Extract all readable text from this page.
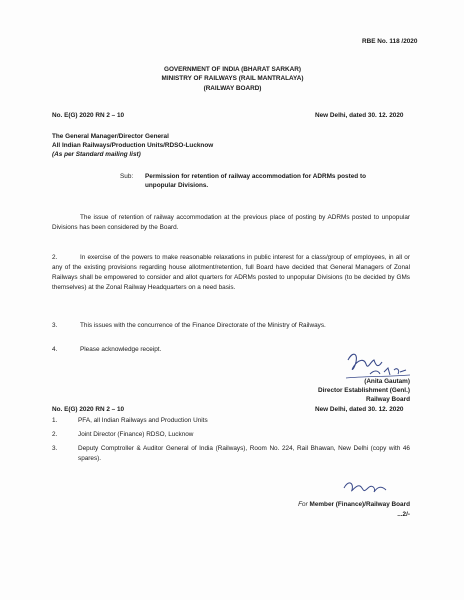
RBE No. 118 /2020
GOVERNMENT OF INDIA (BHARAT SARKAR)
MINISTRY OF RAILWAYS (RAIL MANTRALAYA)
(RAILWAY BOARD)
No. E(G) 2020 RN 2 – 10	New Delhi, dated 30. 12. 2020
The General Manager/Director General
All Indian Railways/Production Units/RDSO-Lucknow
(As per Standard mailing list)
Sub: Permission for retention of railway accommodation for ADRMs posted to
unpopular Divisions.
The issue of retention of railway accommodation at the previous place of posting by ADRMs posted to unpopular Divisions has been considered by the Board.
2.	In exercise of the powers to make reasonable relaxations in public interest for a class/group of employees, in all or any of the existing provisions regarding house allotment/retention, full Board have decided that General Managers of Zonal Railways shall be empowered to consider and allot quarters for ADRMs posted to unpopular Divisions (to be decided by GMs themselves) at the Zonal Railway Headquarters on a need basis.
3.	This issues with the concurrence of the Finance Directorate of the Ministry of Railways.
4.	Please acknowledge receipt.
(Anita Gautam)
Director Establishment (Genl.)
Railway Board
No. E(G) 2020 RN 2 – 10	New Delhi, dated 30. 12. 2020
1.	PFA, all Indian Railways and Production Units
2.	Joint Director (Finance) RDSO, Lucknow
3.	Deputy Comptroller & Auditor General of India (Railways), Room No. 224, Rail Bhawan, New Delhi (copy with 46 spares).
For Member (Finance)/Railway Board
...2/-
